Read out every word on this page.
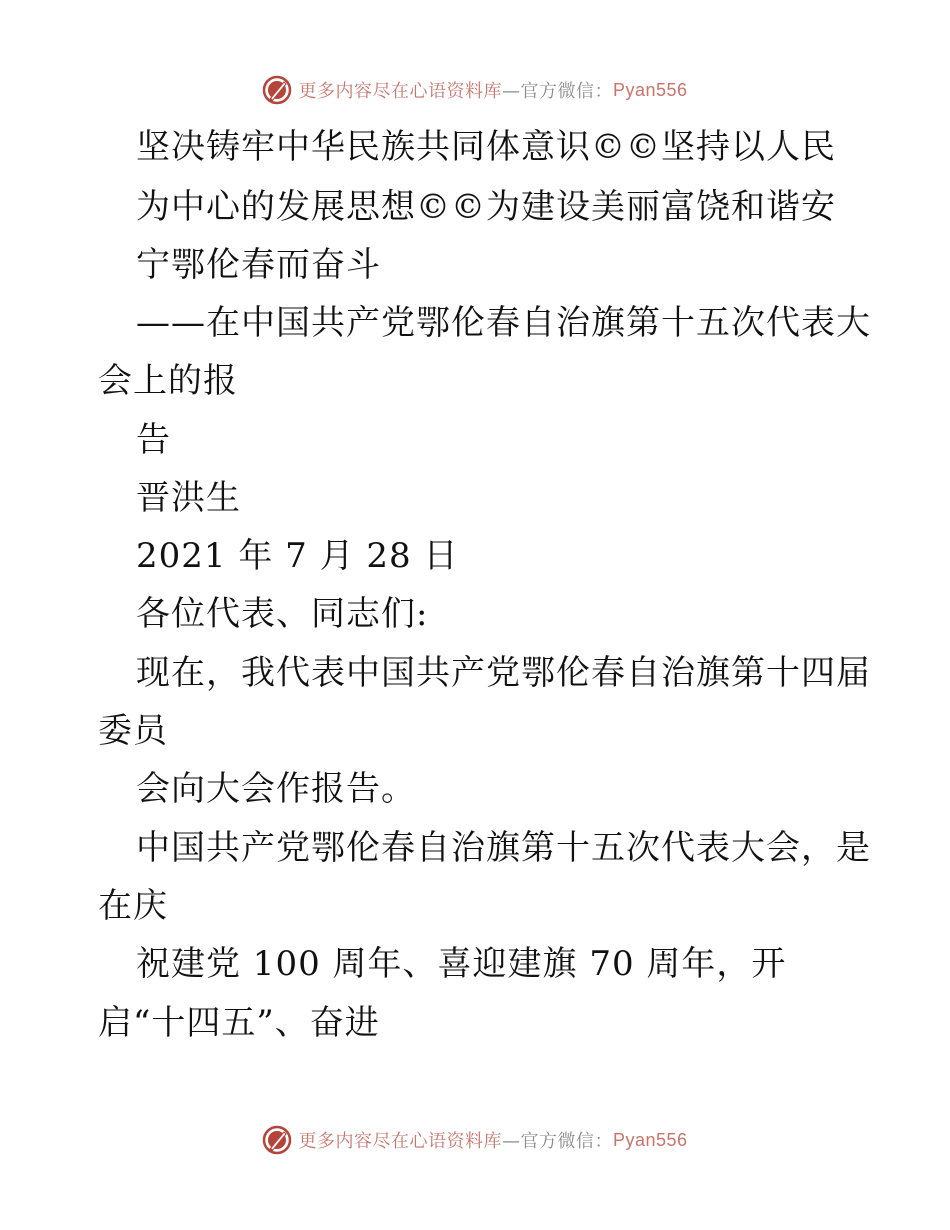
更多内容尽在心语资料库 —官方微信： Pyan556
坚决铸牢中华民族共同体意识©©坚持以人民
为中心的发展思想©©为建设美丽富饶和谐安
宁鄂伦春而奋斗
——在中国共产党鄂伦春自治旗第十五次代表大
会上的报
告
晋洪生
2021 年 7 月 28 日
各位代表、同志们:
现在，我代表中国共产党鄂伦春自治旗第十四届
委员
会向大会作报告。
中国共产党鄂伦春自治旗第十五次代表大会，是
在庆
祝建党 100 周年、喜迎建旗 70 周年，开
启“十四五”、奋进
更多内容尽在心语资料库 —官方微信： Pyan556
